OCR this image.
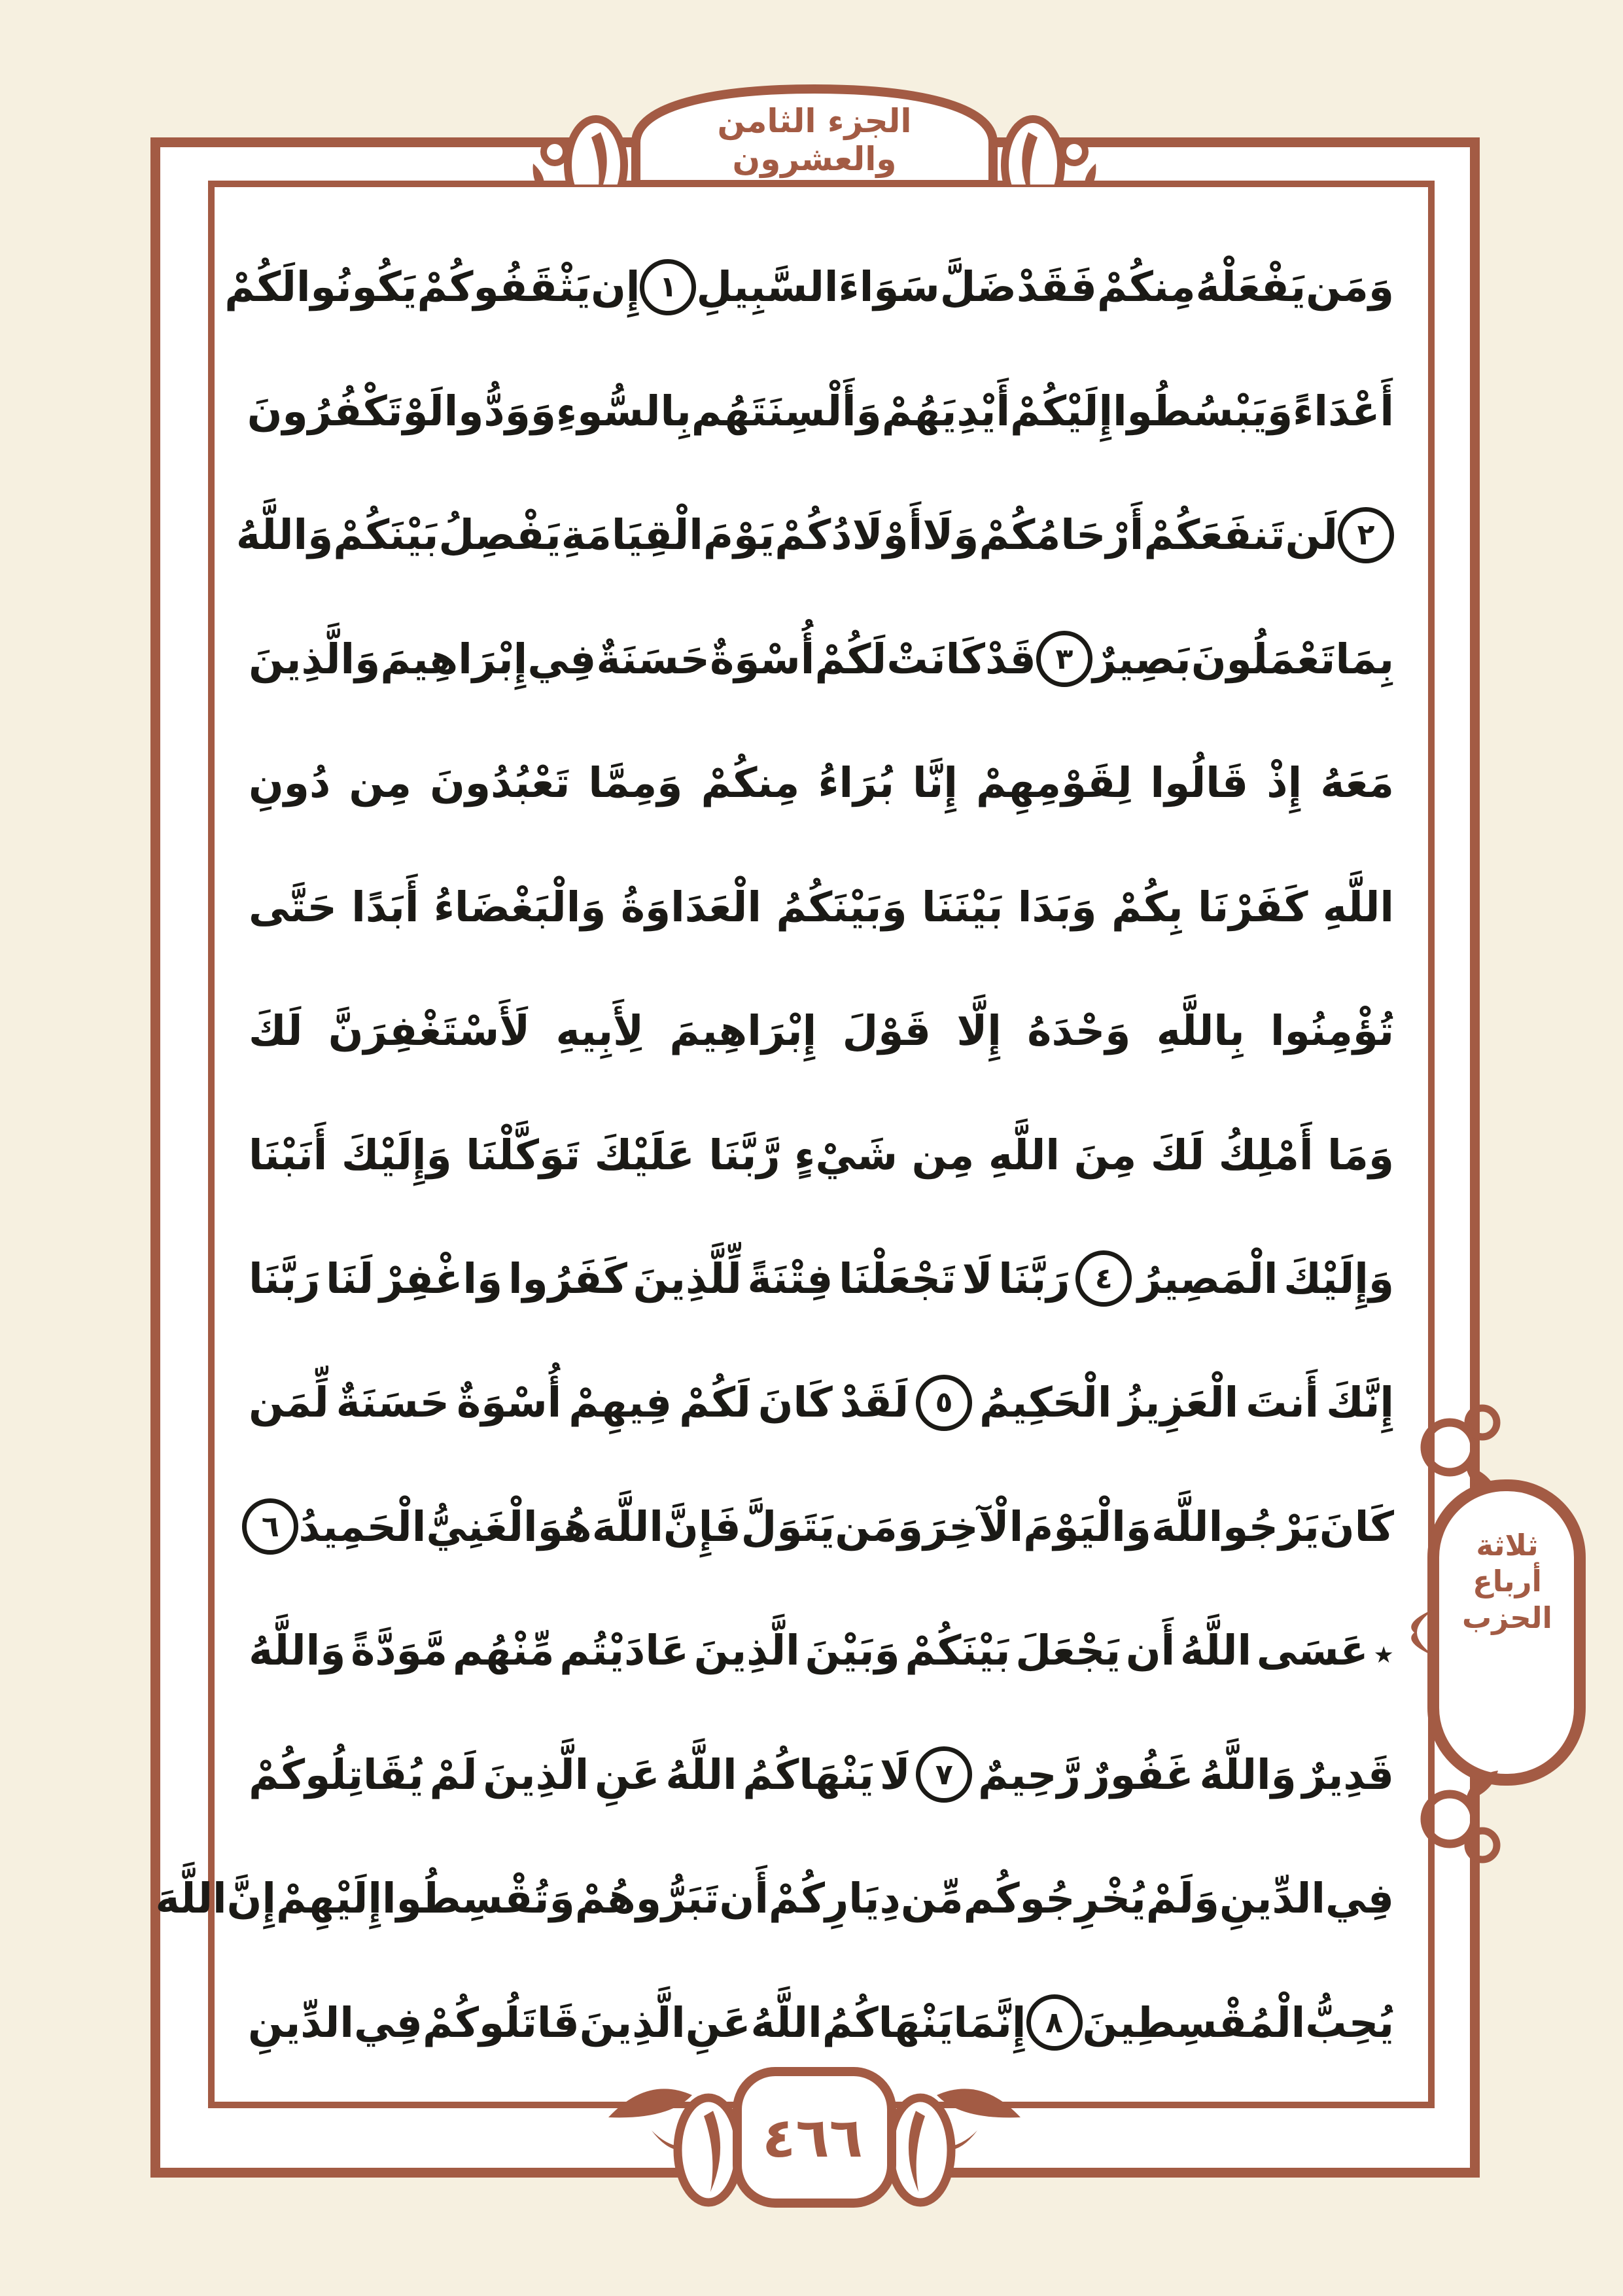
الجزء الثامن والعشرون
وَمَن
يَفْعَلْهُ
مِنكُمْ
فَقَدْ
ضَلَّ
سَوَاءَ
السَّبِيلِ
١
إِن
يَثْقَفُوكُمْ
يَكُونُوا
لَكُمْ
أَعْدَاءً
وَيَبْسُطُوا
إِلَيْكُمْ
أَيْدِيَهُمْ
وَأَلْسِنَتَهُم
بِالسُّوءِ
وَوَدُّوا
لَوْ
تَكْفُرُونَ
٢
لَن
تَنفَعَكُمْ
أَرْحَامُكُمْ
وَلَا
أَوْلَادُكُمْ
يَوْمَ
الْقِيَامَةِ
يَفْصِلُ
بَيْنَكُمْ
وَاللَّهُ
بِمَا
تَعْمَلُونَ
بَصِيرٌ
٣
قَدْ
كَانَتْ
لَكُمْ
أُسْوَةٌ
حَسَنَةٌ
فِي
إِبْرَاهِيمَ
وَالَّذِينَ
مَعَهُ
إِذْ
قَالُوا
لِقَوْمِهِمْ
إِنَّا
بُرَاءُ
مِنكُمْ
وَمِمَّا
تَعْبُدُونَ
مِن
دُونِ
اللَّهِ
كَفَرْنَا
بِكُمْ
وَبَدَا
بَيْنَنَا
وَبَيْنَكُمُ
الْعَدَاوَةُ
وَالْبَغْضَاءُ
أَبَدًا
حَتَّى
تُؤْمِنُوا
بِاللَّهِ
وَحْدَهُ
إِلَّا
قَوْلَ
إِبْرَاهِيمَ
لِأَبِيهِ
لَأَسْتَغْفِرَنَّ
لَكَ
وَمَا
أَمْلِكُ
لَكَ
مِنَ
اللَّهِ
مِن
شَيْءٍ
رَّبَّنَا
عَلَيْكَ
تَوَكَّلْنَا
وَإِلَيْكَ
أَنَبْنَا
وَإِلَيْكَ
الْمَصِيرُ
٤
رَبَّنَا
لَا
تَجْعَلْنَا
فِتْنَةً
لِّلَّذِينَ
كَفَرُوا
وَاغْفِرْ
لَنَا
رَبَّنَا
إِنَّكَ
أَنتَ
الْعَزِيزُ
الْحَكِيمُ
٥
لَقَدْ
كَانَ
لَكُمْ
فِيهِمْ
أُسْوَةٌ
حَسَنَةٌ
لِّمَن
كَانَ
يَرْجُو
اللَّهَ
وَالْيَوْمَ
الْآخِرَ
وَمَن
يَتَوَلَّ
فَإِنَّ
اللَّهَ
هُوَ
الْغَنِيُّ
الْحَمِيدُ
٦
٭
عَسَى
اللَّهُ
أَن
يَجْعَلَ
بَيْنَكُمْ
وَبَيْنَ
الَّذِينَ
عَادَيْتُم
مِّنْهُم
مَّوَدَّةً
وَاللَّهُ
قَدِيرٌ
وَاللَّهُ
غَفُورٌ
رَّحِيمٌ
٧
لَا
يَنْهَاكُمُ
اللَّهُ
عَنِ
الَّذِينَ
لَمْ
يُقَاتِلُوكُمْ
فِي
الدِّينِ
وَلَمْ
يُخْرِجُوكُم
مِّن
دِيَارِكُمْ
أَن
تَبَرُّوهُمْ
وَتُقْسِطُوا
إِلَيْهِمْ
إِنَّ
اللَّهَ
يُحِبُّ
الْمُقْسِطِينَ
٨
إِنَّمَا
يَنْهَاكُمُ
اللَّهُ
عَنِ
الَّذِينَ
قَاتَلُوكُمْ
فِي
الدِّينِ
ثلاثة
أرباع
الحزب
٤٦٦
